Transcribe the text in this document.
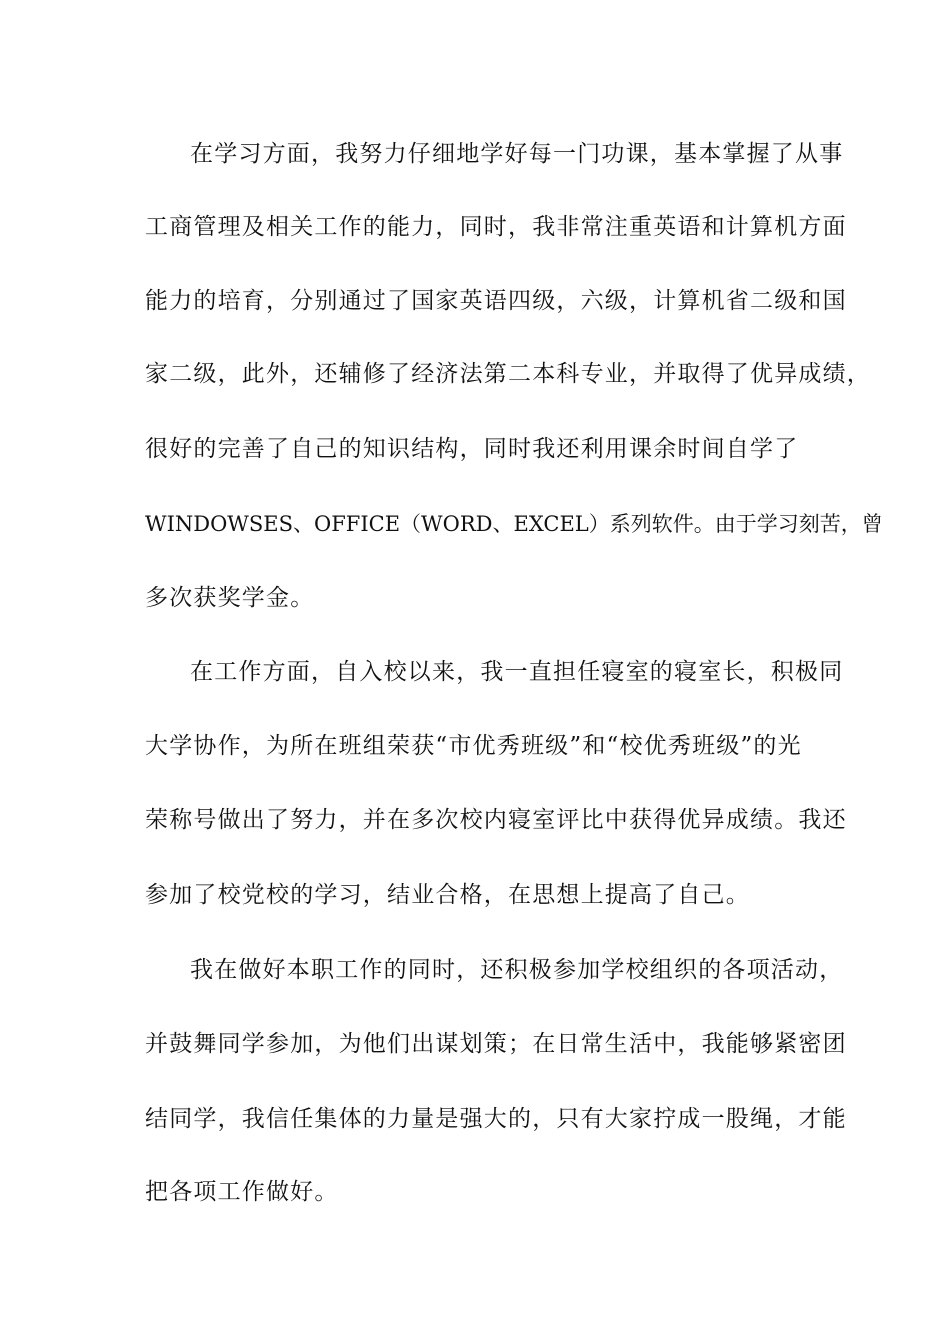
在学习方面，我努力仔细地学好每一门功课，基本掌握了从事
工商管理及相关工作的能力，同时，我非常注重英语和计算机方面
能力的培育，分别通过了国家英语四级，六级，计算机省二级和国
家二级，此外，还辅修了经济法第二本科专业，并取得了优异成绩，
很好的完善了自己的知识结构，同时我还利用课余时间自学了
WINDOWSES、OFFICE（WORD、EXCEL）系列软件。由于学习刻苦，曾
多次获奖学金。
在工作方面，自入校以来，我一直担任寝室的寝室长，积极同
大学协作，为所在班组荣获“市优秀班级”和“校优秀班级”的光
荣称号做出了努力，并在多次校内寝室评比中获得优异成绩。我还
参加了校党校的学习，结业合格，在思想上提高了自己。
我在做好本职工作的同时，还积极参加学校组织的各项活动，
并鼓舞同学参加，为他们出谋划策；在日常生活中，我能够紧密团
结同学，我信任集体的力量是强大的，只有大家拧成一股绳，才能
把各项工作做好。
